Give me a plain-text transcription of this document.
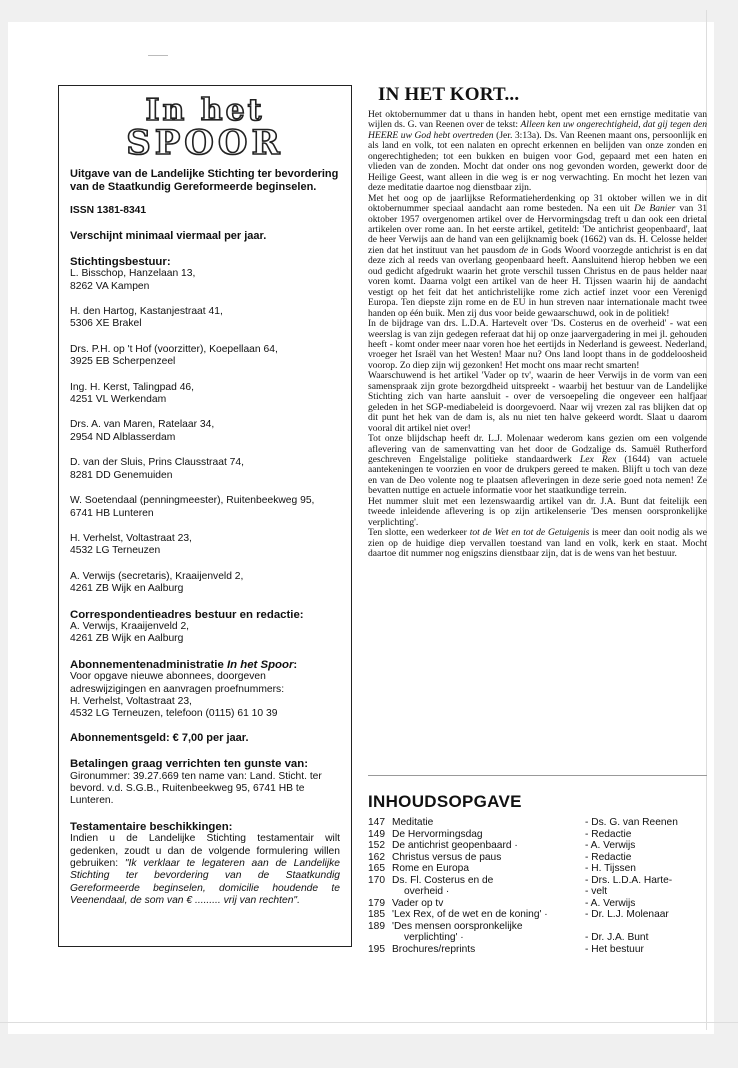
In het
SPOOR
Uitgave van de Landelijke Stichting ter bevordering van de Staatkundig Gereformeerde beginselen.

ISSN 1381-8341

Verschijnt minimaal viermaal per jaar.

Stichtingsbestuur:

L. Bisschop, Hanzelaan 13,
8262 VA Kampen

H. den Hartog, Kastanjestraat 41,
5306 XE Brakel

Drs. P.H. op 't Hof (voorzitter), Koepellaan 64,
3925 EB Scherpenzeel

Ing. H. Kerst, Talingpad 46,
4251 VL Werkendam

Drs. A. van Maren, Ratelaar 34,
2954 ND Alblasserdam

D. van der Sluis, Prins Clausstraat 74,
8281 DD Genemuiden

W. Soetendaal (penningmeester), Ruitenbeekweg 95,
6741 HB Lunteren

H. Verhelst, Voltastraat 23,
4532 LG Terneuzen

A. Verwijs (secretaris), Kraaijenveld 2,
4261 ZB Wijk en Aalburg

Correspondentieadres bestuur en redactie:
A. Verwijs, Kraaijenveld 2,
4261 ZB Wijk en Aalburg

Abonnementenadministratie In het Spoor:
Voor opgave nieuwe abonnees, doorgeven adreswijzigingen en aanvragen proefnummers:
H. Verhelst, Voltastraat 23,
4532 LG Terneuzen, telefoon (0115) 61 10 39

Abonnementsgeld: € 7,00 per jaar.

Betalingen graag verrichten ten gunste van:
Gironummer: 39.27.669 ten name van: Land. Sticht. ter bevord. v.d. S.G.B., Ruitenbeekweg 95, 6741 HB te Lunteren.

Testamentaire beschikkingen:
Indien u de Landelijke Stichting testamentair wilt gedenken, zoudt u dan de volgende formulering willen gebruiken: "Ik verklaar te legateren aan de Landelijke Stichting ter bevordering van de Staatkundig Gereformeerde beginselen, domicilie houdende te Veenendaal, de som van € ......... vrij van rechten".

IN HET KORT...

Het oktobernummer dat u thans in handen hebt, opent met een ernstige meditatie van wijlen ds. G. van Reenen over de tekst: Alleen ken uw ongerechtigheid, dat gij tegen den HEERE uw God hebt overtreden (Jer. 3:13a). Ds. Van Reenen maant ons, persoonlijk en als land en volk, tot een nalaten en oprecht erkennen en belijden van onze zonden en ongerechtigheden; tot een bukken en buigen voor God, gepaard met een haten en vlieden van de zonden. Mocht dat onder ons nog gevonden worden, gewerkt door de Heilige Geest, want alleen in die weg is er nog verwachting. En mocht het lezen van deze meditatie daartoe nog dienstbaar zijn.

Met het oog op de jaarlijkse Reformatieherdenking op 31 oktober willen we in dit oktobernummer speciaal aandacht aan rome besteden. Na een uit De Banier van 31 oktober 1957 overgenomen artikel over de Hervormingsdag treft u dan ook een drietal artikelen over rome aan. In het eerste artikel, getiteld: 'De antichrist geopenbaard', laat de heer Verwijs aan de hand van een gelijknamig boek (1662) van ds. H. Celosse helder zien dat het instituut van het pausdom de in Gods Woord voorzegde antichrist is en dat deze zich al reeds van overlang geopenbaard heeft. Aansluitend hierop hebben we een oud gedicht afgedrukt waarin het grote verschil tussen Christus en de paus helder naar voren komt. Daarna volgt een artikel van de heer H. Tijssen waarin hij de aandacht vestigt op het feit dat het antichristelijke rome zich actief inzet voor een Verenigd Europa. Ten diepste zijn rome en de EU in hun streven naar internationale macht twee handen op één buik. Men zij dus voor beide gewaarschuwd, ook in de politiek!

In de bijdrage van drs. L.D.A. Hartevelt over 'Ds. Costerus en de overheid' - wat een weerslag is van zijn gedegen referaat dat hij op onze jaarvergadering in mei jl. gehouden heeft - komt onder meer naar voren hoe het eertijds in Nederland is geweest. Nederland, vroeger het Israël van het Westen! Maar nu? Ons land loopt thans in de goddeloosheid voorop. Zo diep zijn wij gezonken! Het mocht ons maar recht smarten!

Waarschuwend is het artikel 'Vader op tv', waarin de heer Verwijs in de vorm van een samenspraak zijn grote bezorgdheid uitspreekt - waarbij het bestuur van de Landelijke Stichting zich van harte aansluit - over de versoepeling die ongeveer een halfjaar geleden in het SGP-mediabeleid is doorgevoerd. Naar wij vrezen zal ras blijken dat op dit punt het hek van de dam is, als nu niet ten halve gekeerd wordt. Slaat u daarom vooral dit artikel niet over!

Tot onze blijdschap heeft dr. L.J. Molenaar wederom kans gezien om een volgende aflevering van de samenvatting van het door de Godzalige ds. Samuël Rutherford geschreven Engelstalige politieke standaardwerk Lex Rex (1644) van actuele aantekeningen te voorzien en voor de drukpers gereed te maken. Blijft u toch van deze en van de Deo volente nog te plaatsen afleveringen in deze serie goed nota nemen! Ze bevatten nuttige en actuele informatie voor het staatkundige terrein.

Het nummer sluit met een lezenswaardig artikel van dr. J.A. Bunt dat feitelijk een tweede inleidende aflevering is op zijn artikelenserie 'Des mensen oorspronkelijke verplichting'.

Ten slotte, een wederkeer tot de Wet en tot de Getuigenis is meer dan ooit nodig als we zien op de huidige diep vervallen toestand van land en volk, kerk en staat. Mocht daartoe dit nummer nog enigszins dienstbaar zijn, dat is de wens van het bestuur.

INHOUDSOPGAVE
147 Meditatie	- Ds. G. van Reenen
149 De Hervormingsdag	- Redactie
152 De antichrist geopenbaard ·	- A. Verwijs
162 Christus versus de paus	- Redactie
165 Rome en Europa	- H. Tijssen
170 Ds. Fl. Costerus en de	- Drs. L.D.A. Harte-
overheid ·	- velt
179 Vader op tv	- A. Verwijs
185 'Lex Rex, of de wet en de koning' ·	- Dr. L.J. Molenaar
189 'Des mensen oorspronkelijke
verplichting' ·	- Dr. J.A. Bunt
195 Brochures/reprints	- Het bestuur
